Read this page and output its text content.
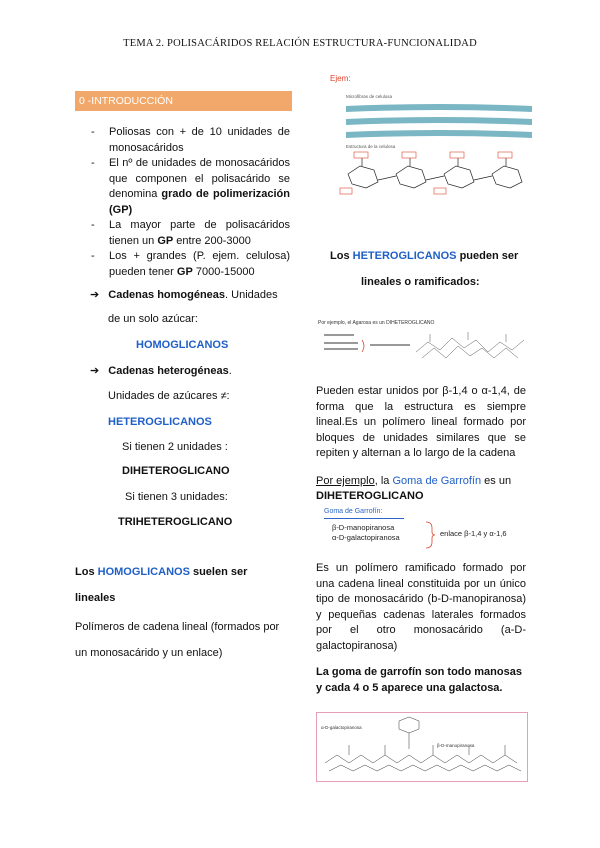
TEMA 2. POLISACÁRIDOS RELACIÓN ESTRUCTURA-FUNCIONALIDAD
0 -INTRODUCCIÓN
- Poliosas con + de 10 unidades de monosacáridos
- El nº de unidades de monosacáridos que componen el polisacárido se denomina grado de polimerización (GP)
- La mayor parte de polisacáridos tienen un GP entre 200-3000
- Los + grandes (P. ejem. celulosa) pueden tener GP 7000-15000
➔ Cadenas homogéneas. Unidades
de un solo azúcar:
HOMOGLICANOS
➔ Cadenas heterogéneas.
Unidades de azúcares ≠:
HETEROGLICANOS
Si tienen 2 unidades :
DIHETEROGLICANO
Si tienen 3 unidades:
TRIHETEROGLICANO
Los HOMOGLICANOS suelen ser
lineales
Polímeros de cadena lineal (formados por un monosacárido y un enlace)
Ejem:
Microfibras de celulosa
Estructura de la celulosa
Los HETEROGLICANOS pueden ser
lineales o ramificados:
Por ejemplo, el Agarosa es un DIHETEROGLICANO
Pueden estar unidos por β-1,4 o α-1,4, de forma que la estructura es siempre lineal.Es un polímero lineal formado por bloques de unidades similares que se repiten y alternan a lo largo de la cadena
Por ejemplo, la Goma de Garrofín es un
DIHETEROGLICANO
Goma de Garrofín:
β-D-manopiranosa
α-D-galactopiranosa	enlace β-1,4 y α-1,6
Es un polímero ramificado formado por una cadena lineal constituida por un único tipo de monosacárido (b-D-manopiranosa) y pequeñas cadenas laterales formados por el otro monosacárido (a-D-galactopiranosa)
La goma de garrofín son todo manosas y cada 4 o 5 aparece una galactosa.
α-D-galactopiranosa
β-D-manopiranosa
